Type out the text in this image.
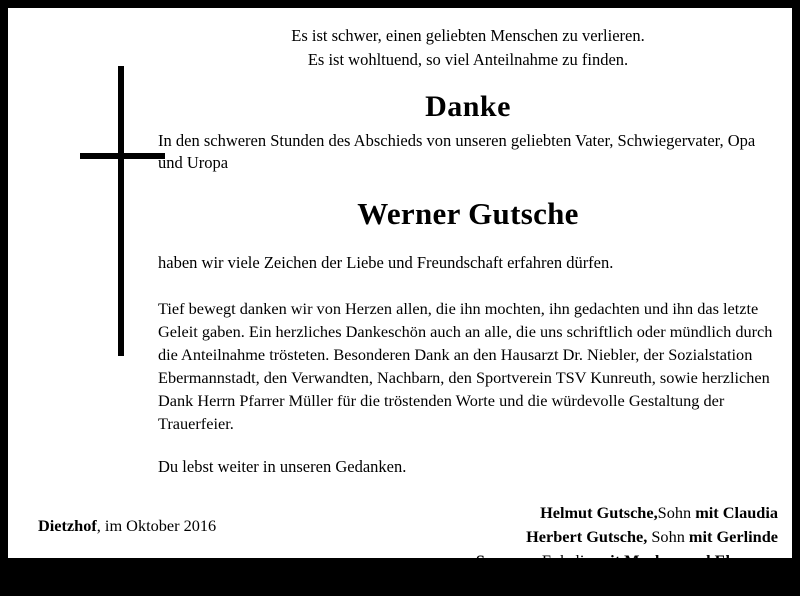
Es ist schwer, einen geliebten Menschen zu verlieren.
Es ist wohltuend, so viel Anteilnahme zu finden.
Danke
In den schweren Stunden des Abschieds von unseren geliebten Vater, Schwiegervater, Opa und Uropa
Werner Gutsche
haben wir viele Zeichen der Liebe und Freundschaft erfahren dürfen.
Tief bewegt danken wir von Herzen allen, die ihn mochten, ihn gedachten und ihn das letzte Geleit gaben. Ein herzliches Dankeschön auch an alle, die uns schriftlich oder mündlich durch die Anteilnahme trösteten. Besonderen Dank an den Hausarzt Dr. Niebler, der Sozialstation Ebermannstadt, den Verwandten, Nachbarn, den Sportverein TSV Kunreuth, sowie herzlichen Dank Herrn Pfarrer Müller für die tröstenden Worte und die würdevolle Gestaltung der Trauerfeier.
Du lebst weiter in unseren Gedanken.
Helmut Gutsche,Sohn mit Claudia
Herbert Gutsche, Sohn mit Gerlinde
Susanne, Enkelin mit Markus und Eleonora
Florian, Enkel mit Sarah
Dietzhof, im Oktober 2016
